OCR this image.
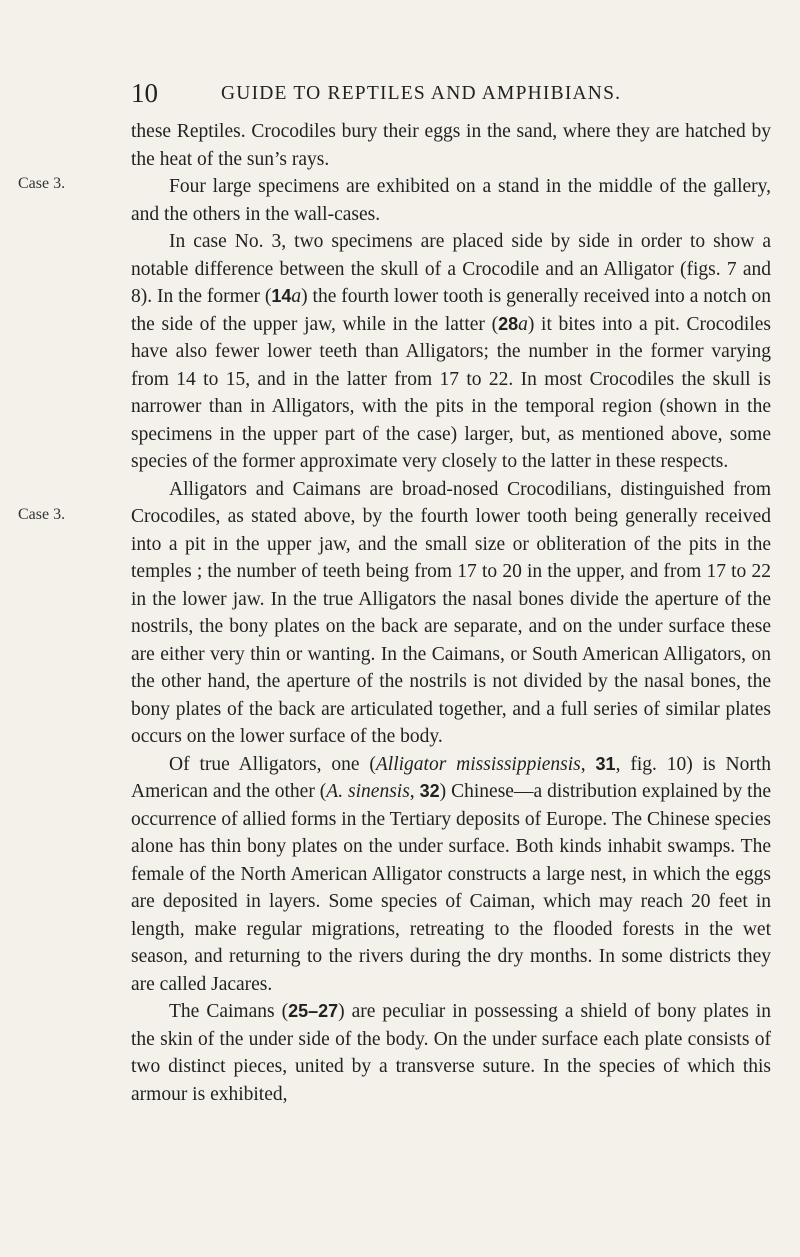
10	GUIDE TO REPTILES AND AMPHIBIANS.
Case 3.
Case 3.

these Reptiles. Crocodiles bury their eggs in the sand, where they are hatched by the heat of the sun’s rays.

Four large specimens are exhibited on a stand in the middle of the gallery, and the others in the wall-cases.

In case No. 3, two specimens are placed side by side in order to show a notable difference between the skull of a Crocodile and an Alligator (figs. 7 and 8). In the former (14a) the fourth lower tooth is generally received into a notch on the side of the upper jaw, while in the latter (28a) it bites into a pit. Crocodiles have also fewer lower teeth than Alligators; the number in the former varying from 14 to 15, and in the latter from 17 to 22. In most Crocodiles the skull is narrower than in Alligators, with the pits in the temporal region (shown in the specimens in the upper part of the case) larger, but, as mentioned above, some species of the former approximate very closely to the latter in these respects.

Alligators and Caimans are broad-nosed Crocodilians, distinguished from Crocodiles, as stated above, by the fourth lower tooth being generally received into a pit in the upper jaw, and the small size or obliteration of the pits in the temples ; the number of teeth being from 17 to 20 in the upper, and from 17 to 22 in the lower jaw. In the true Alligators the nasal bones divide the aperture of the nostrils, the bony plates on the back are separate, and on the under surface these are either very thin or wanting. In the Caimans, or South American Alligators, on the other hand, the aperture of the nostrils is not divided by the nasal bones, the bony plates of the back are articulated together, and a full series of similar plates occurs on the lower surface of the body.

Of true Alligators, one (Alligator mississippiensis, 31, fig. 10) is North American and the other (A. sinensis, 32) Chinese—a distribution explained by the occurrence of allied forms in the Tertiary deposits of Europe. The Chinese species alone has thin bony plates on the under surface. Both kinds inhabit swamps. The female of the North American Alligator constructs a large nest, in which the eggs are deposited in layers. Some species of Caiman, which may reach 20 feet in length, make regular migrations, retreating to the flooded forests in the wet season, and returning to the rivers during the dry months. In some districts they are called Jacares.

The Caimans (25–27) are peculiar in possessing a shield of bony plates in the skin of the under side of the body. On the under surface each plate consists of two distinct pieces, united by a transverse suture. In the species of which this armour is exhibited,
